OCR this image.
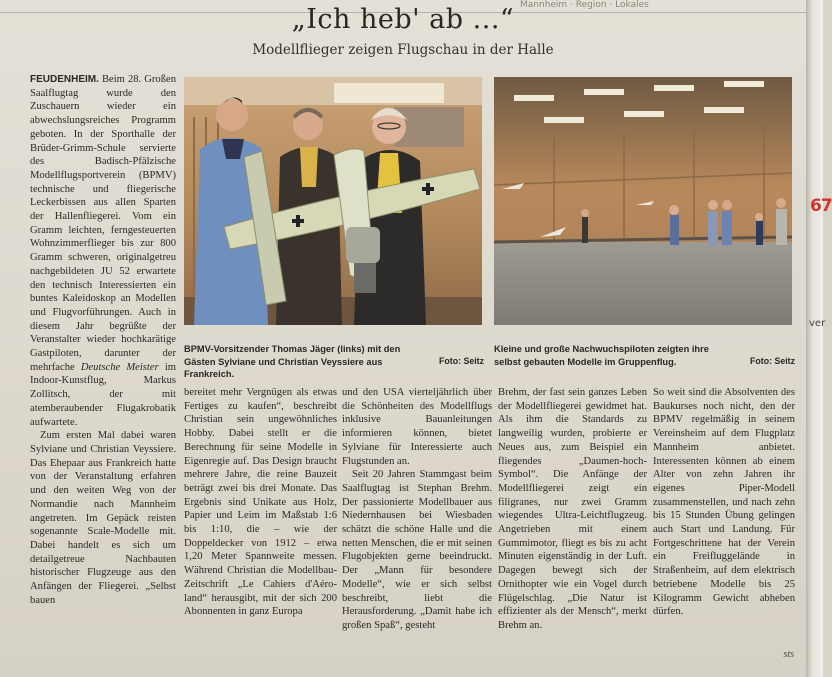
Mannheim · Region · Lokales
„Ich heb' ab ...“
Modellflieger zeigen Flugschau in der Halle
BPMV-Vorsitzender Thomas Jäger (links) mit den Gästen Sylviane und Christian Veyssiere aus Frankreich.
Foto: Seitz
Kleine und große Nachwuchspiloten zeigten ihre selbst gebauten Modelle im Gruppenflug.	Foto: Seitz

FEUDENHEIM. Beim 28. Großen Saalflugtag wurde den Zuschauern wieder ein abwechslungsreiches Programm geboten. In der Sporthalle der Brüder-Grimm-Schule servierte des Badisch-Pfälzische Modellflugsportverein (BPMV) technische und fliegerische Leckerbissen aus allen Sparten der Hallenfliegerei. Vom ein Gramm leichten, ferngesteuerten Wohnzimmerflieger bis zur 800 Gramm schweren, originalgetreu nachgebildeten JU 52 erwartete den technisch Interessierten ein buntes Kaleidoskop an Modellen und Flugvorführungen. Auch in diesem Jahr begrüßte der Veranstalter wieder hochkarätige Gastpiloten, darunter der mehrfache Deutsche Meister im Indoor-Kunstflug, Markus Zollitsch, der mit atemberaubender Flugakrobatik aufwartete.

Zum ersten Mal dabei waren Sylviane und Christian Veyssiere. Das Ehepaar aus Frankreich hatte von der Veranstaltung erfahren und den weiten Weg von der Normandie nach Mannheim angetreten. Im Gepäck reisten sogenannte Scale-Modelle mit. Dabei handelt es sich um detailgetreue Nachbauten historischer Flugzeuge aus den Anfängen der Fliegerei. „Selbst bauen

bereitet mehr Vergnügen als etwas Fertiges zu kaufen“, beschreibt Christian sein ungewöhnliches Hobby. Dabei stellt er die Berechnung für seine Modelle in Eigenregie auf. Das Design braucht mehrere Jahre, die reine Bauzeit beträgt zwei bis drei Monate. Das Ergebnis sind Unikate aus Holz, Papier und Leim im Maßstab 1:6 bis 1:10, die – wie der Doppeldecker von 1912 – etwa 1,20 Meter Spannweite messen. Während Christian die Modellbau-Zeitschrift „Le Cahiers d'Aéro-land“ herausgibt, mit der sich 200 Abonnenten in ganz Europa

und den USA vierteljährlich über die Schönheiten des Modellflugs inklusive Bauanleitungen informieren können, bietet Sylviane für Interessierte auch Flugstunden an.

Seit 20 Jahren Stammgast beim Saalflugtag ist Stephan Brehm. Der passionierte Modellbauer aus Niedernhausen bei Wiesbaden schätzt die schöne Halle und die netten Menschen, die er mit seinen Flugobjekten gerne beeindruckt. Der „Mann für besondere Modelle“, wie er sich selbst beschreibt, liebt die Herausforderung. „Damit habe ich großen Spaß“, gesteht

Brehm, der fast sein ganzes Leben der Modellfliegerei gewidmet hat. Als ihm die Standards zu langweilig wurden, probierte er Neues aus, zum Beispiel ein fliegendes „Daumen-hoch-Symbol“. Die Anfänge der Modellfliegerei zeigt ein filigranes, nur zwei Gramm wiegendes Ultra-Leichtflugzeug. Angetrieben mit einem Gummimotor, fliegt es bis zu acht Minuten eigenständig in der Luft. Dagegen bewegt sich der Ornithopter wie ein Vogel durch Flügelschlag. „Die Natur ist effizienter als der Mensch“, merkt Brehm an.

So weit sind die Absolventen des Baukurses noch nicht, den der BPMV regelmäßig in seinem Vereinsheim auf dem Flugplatz Mannheim anbietet. Interessenten können ab einem Alter von zehn Jahren ihr eigenes Piper-Modell zusammenstellen, und nach zehn bis 15 Stunden Übung gelingen auch Start und Landung. Für Fortgeschrittene hat der Verein ein Freifluggelände in Straßenheim, auf dem elektrisch betriebene Modelle bis 25 Kilogramm Gewicht abheben dürfen.

sts
67
ver
